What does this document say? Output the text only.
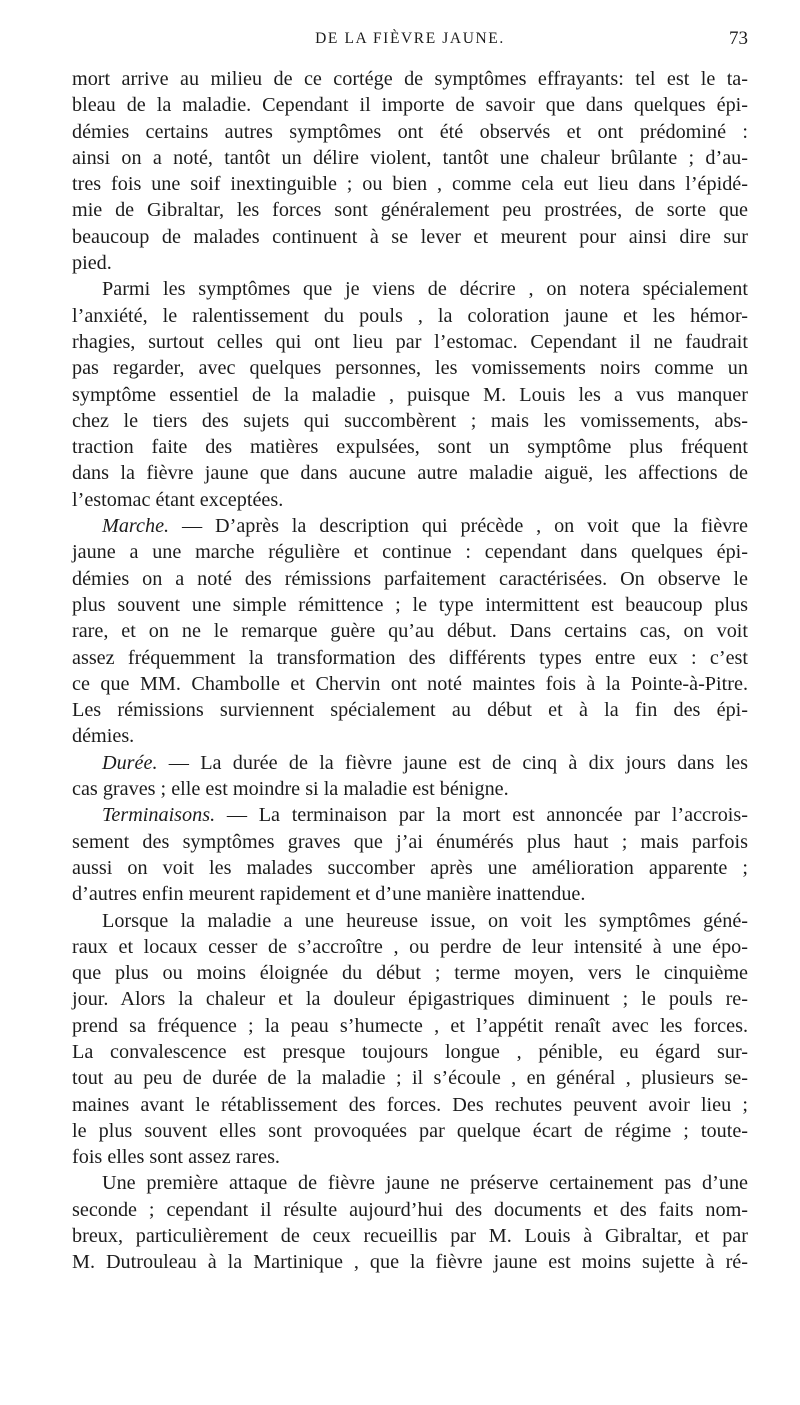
DE LA FIÈVRE JAUNE.	73
mort arrive au milieu de ce cortége de symptômes effrayants: tel est le ta-
bleau de la maladie. Cependant il importe de savoir que dans quelques épi-
démies certains autres symptômes ont été observés et ont prédominé :
ainsi on a noté, tantôt un délire violent, tantôt une chaleur brûlante ; d’au-
tres fois une soif inextinguible ; ou bien , comme cela eut lieu dans l’épidé-
mie de Gibraltar, les forces sont généralement peu prostrées, de sorte que
beaucoup de malades continuent à se lever et meurent pour ainsi dire sur
pied.
Parmi les symptômes que je viens de décrire , on notera spécialement
l’anxiété, le ralentissement du pouls , la coloration jaune et les hémor-
rhagies, surtout celles qui ont lieu par l’estomac. Cependant il ne faudrait
pas regarder, avec quelques personnes, les vomissements noirs comme un
symptôme essentiel de la maladie , puisque M. Louis les a vus manquer
chez le tiers des sujets qui succombèrent ; mais les vomissements, abs-
traction faite des matières expulsées, sont un symptôme plus fréquent
dans la fièvre jaune que dans aucune autre maladie aiguë, les affections de
l’estomac étant exceptées.
Marche. — D’après la description qui précède , on voit que la fièvre
jaune a une marche régulière et continue : cependant dans quelques épi-
démies on a noté des rémissions parfaitement caractérisées. On observe le
plus souvent une simple rémittence ; le type intermittent est beaucoup plus
rare, et on ne le remarque guère qu’au début. Dans certains cas, on voit
assez fréquemment la transformation des différents types entre eux : c’est
ce que MM. Chambolle et Chervin ont noté maintes fois à la Pointe-à-Pitre.
Les rémissions surviennent spécialement au début et à la fin des épi-
démies.
Durée. — La durée de la fièvre jaune est de cinq à dix jours dans les
cas graves ; elle est moindre si la maladie est bénigne.
Terminaisons. — La terminaison par la mort est annoncée par l’accrois-
sement des symptômes graves que j’ai énumérés plus haut ; mais parfois
aussi on voit les malades succomber après une amélioration apparente ;
d’autres enfin meurent rapidement et d’une manière inattendue.
Lorsque la maladie a une heureuse issue, on voit les symptômes géné-
raux et locaux cesser de s’accroître , ou perdre de leur intensité à une épo-
que plus ou moins éloignée du début ; terme moyen, vers le cinquième
jour. Alors la chaleur et la douleur épigastriques diminuent ; le pouls re-
prend sa fréquence ; la peau s’humecte , et l’appétit renaît avec les forces.
La convalescence est presque toujours longue , pénible, eu égard sur-
tout au peu de durée de la maladie ; il s’écoule , en général , plusieurs se-
maines avant le rétablissement des forces. Des rechutes peuvent avoir lieu ;
le plus souvent elles sont provoquées par quelque écart de régime ; toute-
fois elles sont assez rares.
Une première attaque de fièvre jaune ne préserve certainement pas d’une
seconde ; cependant il résulte aujourd’hui des documents et des faits nom-
breux, particulièrement de ceux recueillis par M. Louis à Gibraltar, et par
M. Dutrouleau à la Martinique , que la fièvre jaune est moins sujette à ré-
